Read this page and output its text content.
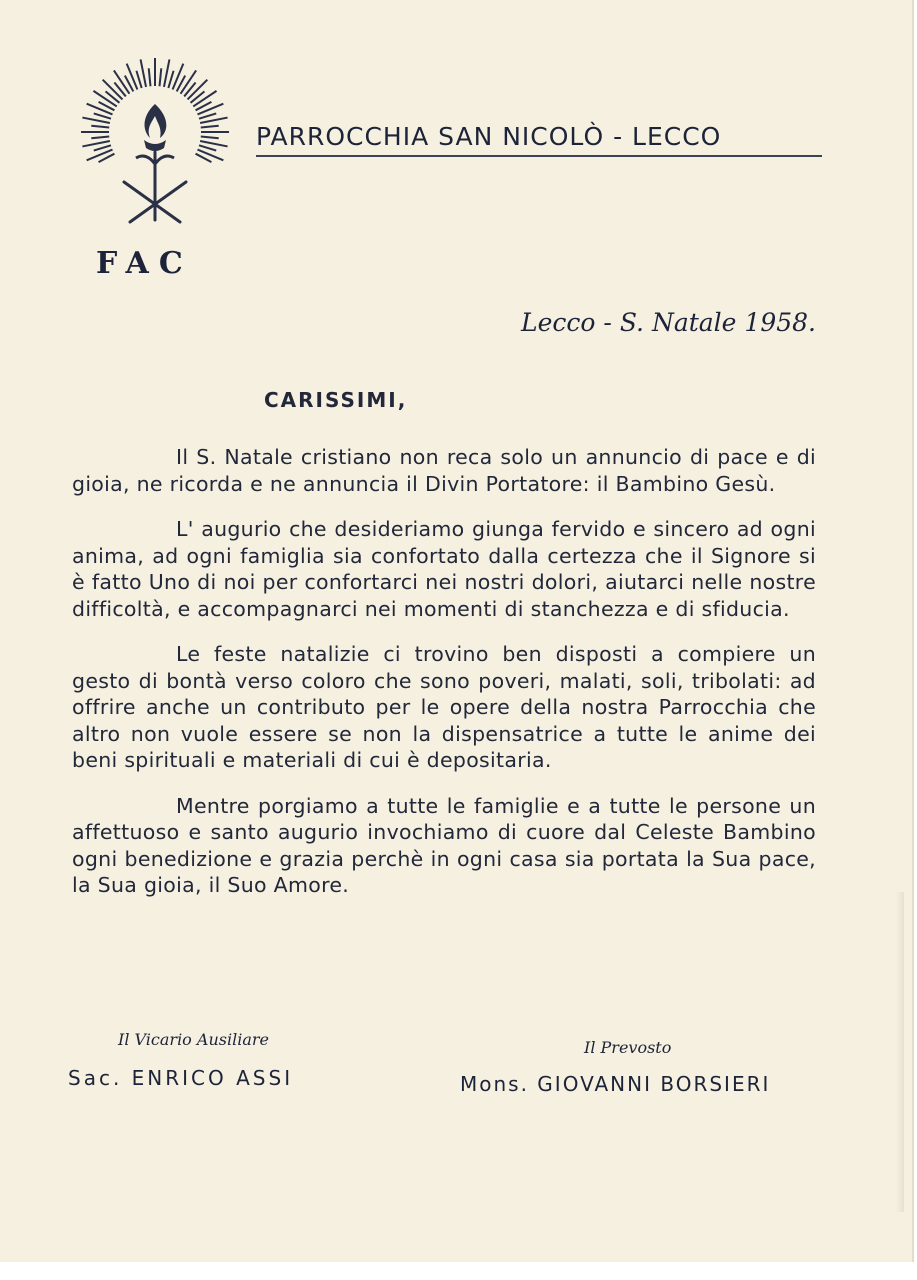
PARROCCHIA SAN NICOLÒ - LECCO
FAC
Lecco - S. Natale 1958.
CARISSIMI,

Il S. Natale cristiano non reca solo un annuncio di pace e di gioia, ne ricorda e ne annuncia il Divin Portatore: il Bambino Gesù.

L' augurio che desideriamo giunga fervido e sincero ad ogni anima, ad ogni famiglia sia confortato dalla certezza che il Signore si è fatto Uno di noi per confortarci nei nostri dolori, aiutarci nelle nostre difficoltà, e accompagnarci nei momenti di stanchezza e di sfiducia.

Le feste natalizie ci trovino ben disposti a compiere un gesto di bontà verso coloro che sono poveri, malati, soli, tribolati: ad offrire anche un contributo per le opere della nostra Parrocchia che altro non vuole essere se non la dispensatrice a tutte le anime dei beni spirituali e materiali di cui è depositaria.

Mentre porgiamo a tutte le famiglie e a tutte le persone un affettuoso e santo augurio invochiamo di cuore dal Celeste Bambino ogni benedizione e grazia perchè in ogni casa sia portata la Sua pace, la Sua gioia, il Suo Amore.

Il Vicario Ausiliare
Sac. ENRICO ASSI
Il Prevosto
Mons. GIOVANNI BORSIERI
